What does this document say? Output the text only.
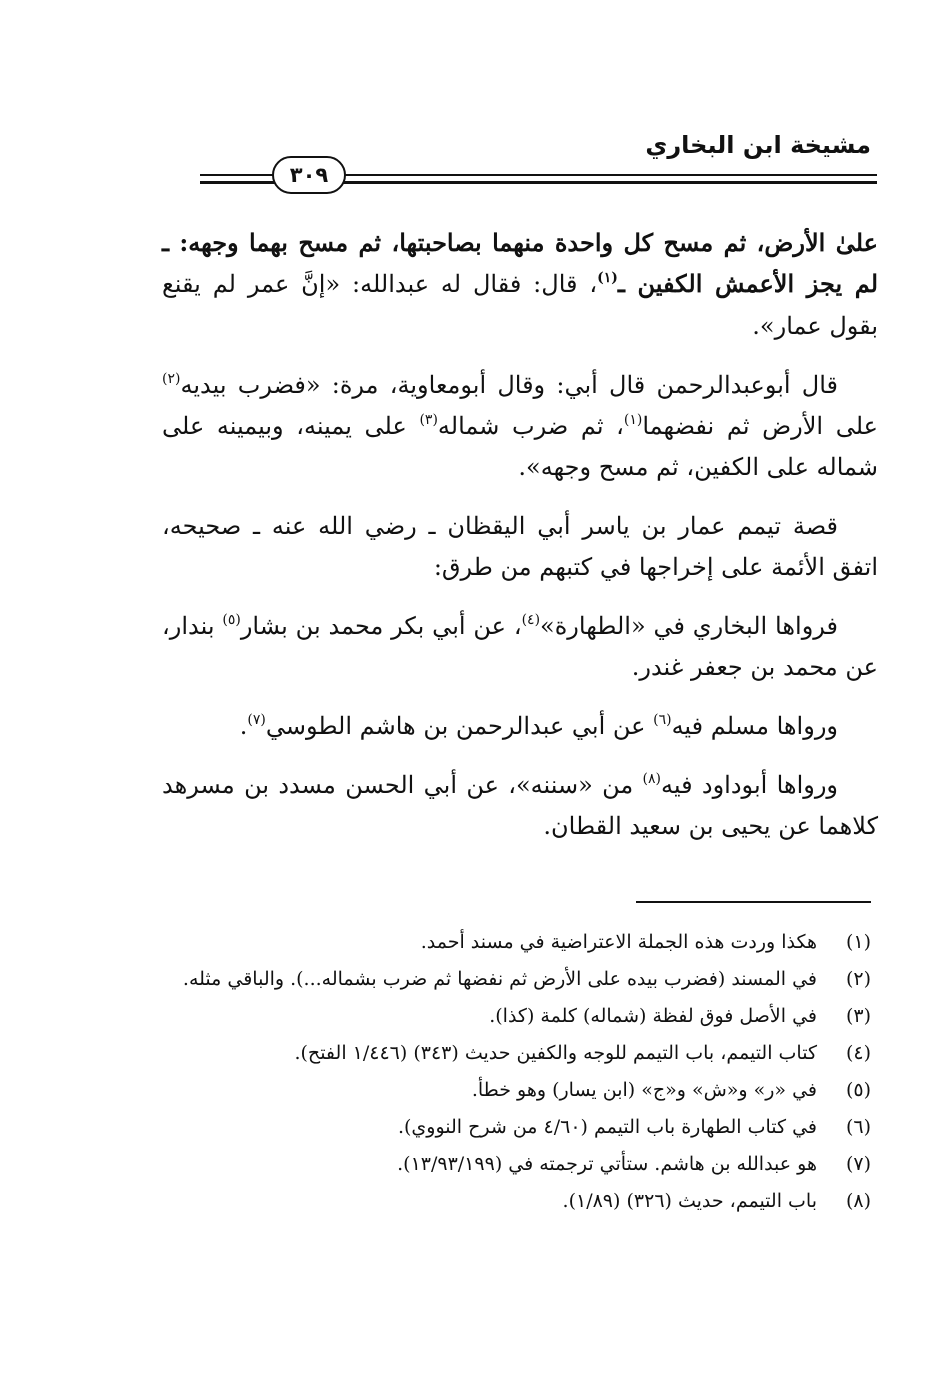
مشيخة ابن البخاري
٣٠٩

علىٰ الأرض، ثم مسح كل واحدة منهما بصاحبتها، ثم مسح بهما وجهه: ـ لم يجز الأعمش الكفين ـ$^{(١)}$، قال: فقال له عبدالله: «إنَّ عمر لم يقنع بقول عمار».

قال أبوعبدالرحمن قال أبي: وقال أبومعاوية، مرة: «فضرب بيديه$^{(٢)}$ على الأرض ثم نفضهما$^{(١)}$، ثم ضرب شماله$^{(٣)}$ على يمينه، وبيمينه على شماله على الكفين، ثم مسح وجهه».

قصة تيمم عمار بن ياسر أبي اليقظان ـ رضي الله عنه ـ صحيحه، اتفق الأئمة على إخراجها في كتبهم من طرق:

فرواها البخاري في «الطهارة»$^{(٤)}$، عن أبي بكر محمد بن بشار$^{(٥)}$ بندار، عن محمد بن جعفر غندر.

ورواها مسلم فيه$^{(٦)}$ عن أبي عبدالرحمن بن هاشم الطوسي$^{(٧)}$.

ورواها أبوداود فيه$^{(٨)}$ من «سننه»، عن أبي الحسن مسدد بن مسرهد كلاهما عن يحيى بن سعيد القطان.

(١)
هكذا وردت هذه الجملة الاعتراضية في مسند أحمد.
(٢)
في المسند (فضرب بيده على الأرض ثم نفضها ثم ضرب بشماله...). والباقي مثله.
(٣)
في الأصل فوق لفظة (شماله) كلمة (كذا).
(٤)
كتاب التيمم، باب التيمم للوجه والكفين حديث (٣٤٣) (١/٤٤٦ الفتح).
(٥)
في «ر» و«ش» و«ج» (ابن يسار) وهو خطأ.
(٦)
في كتاب الطهارة باب التيمم (٤/٦٠ من شرح النووي).
(٧)
هو عبدالله بن هاشم. ستأتي ترجمته في (١٣/٩٣/١٩٩).
(٨)
باب التيمم، حديث (٣٢٦) (١/٨٩).
